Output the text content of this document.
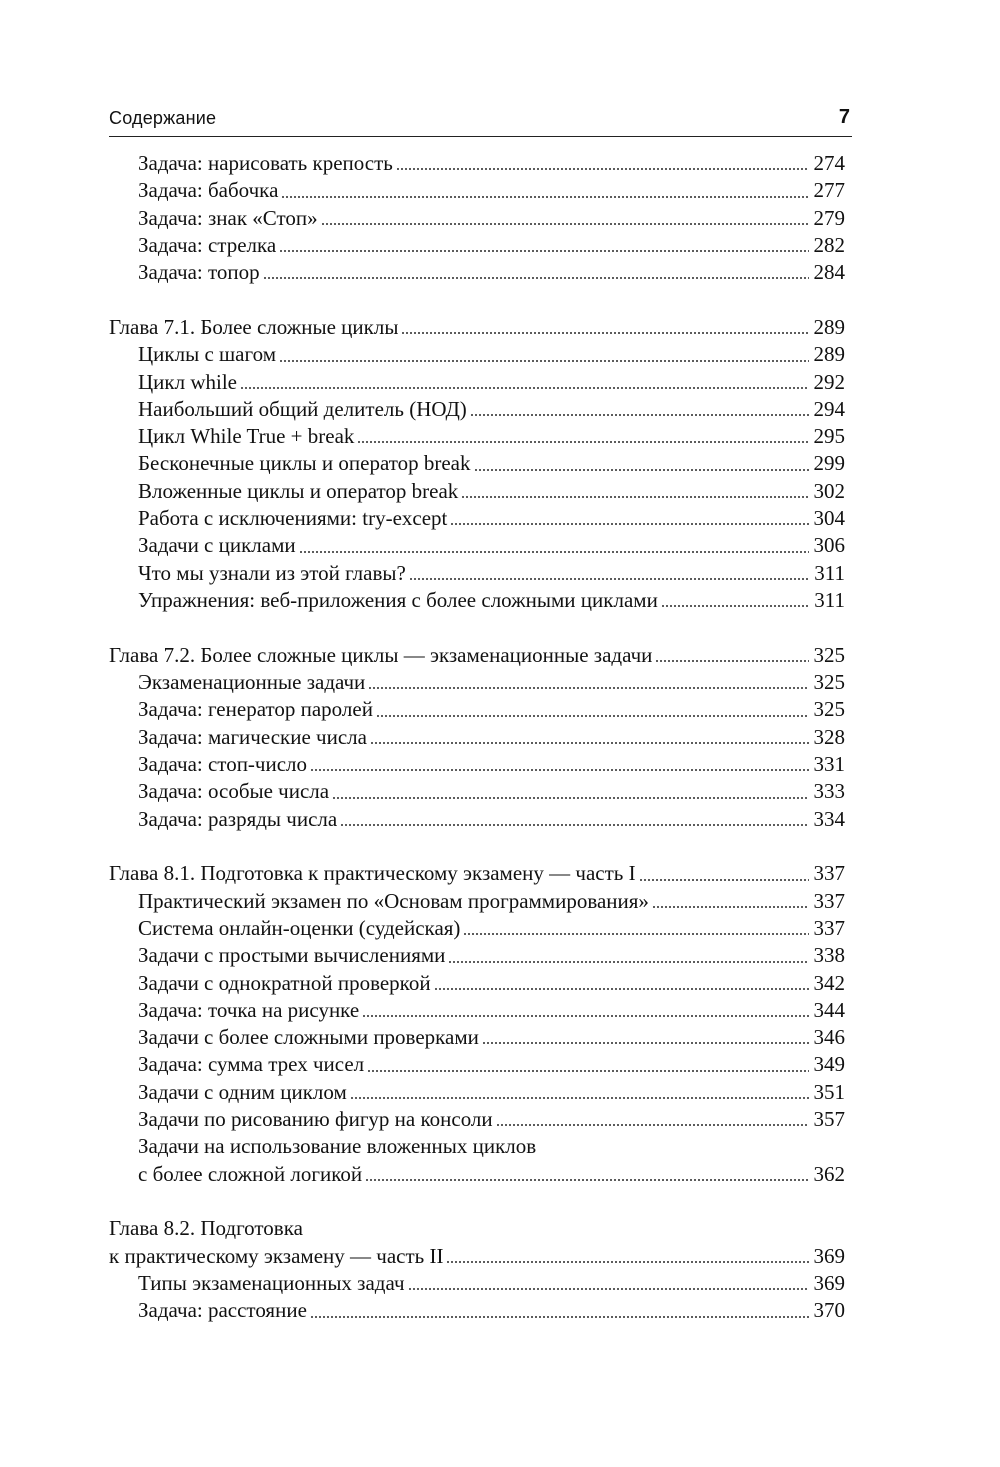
Содержание	7
Задача: нарисовать крепость	274
Задача: бабочка	277
Задача: знак «Стоп»	279
Задача: стрелка	282
Задача: топор	284
Глава 7.1. Более сложные циклы	289
Циклы с шагом	289
Цикл while	292
Наибольший общий делитель (НОД)	294
Цикл While True + break	295
Бесконечные циклы и оператор break	299
Вложенные циклы и оператор break	302
Работа с исключениями: try-except	304
Задачи с циклами	306
Что мы узнали из этой главы?	311
Упражнения: веб-приложения с более сложными циклами	311
Глава 7.2. Более сложные циклы — экзаменационные задачи	325
Экзаменационные задачи	325
Задача: генератор паролей	325
Задача: магические числа	328
Задача: стоп-число	331
Задача: особые числа	333
Задача: разряды числа	334
Глава 8.1. Подготовка к практическому экзамену — часть I	337
Практический экзамен по «Основам программирования»	337
Система онлайн-оценки (судейская)	337
Задачи с простыми вычислениями	338
Задачи с однократной проверкой	342
Задача: точка на рисунке	344
Задачи с более сложными проверками	346
Задача: сумма трех чисел	349
Задачи с одним циклом	351
Задачи по рисованию фигур на консоли	357
Задачи на использование вложенных циклов
с более сложной логикой	362
Глава 8.2. Подготовка
к практическому экзамену — часть II	369
Типы экзаменационных задач	369
Задача: расстояние	370
